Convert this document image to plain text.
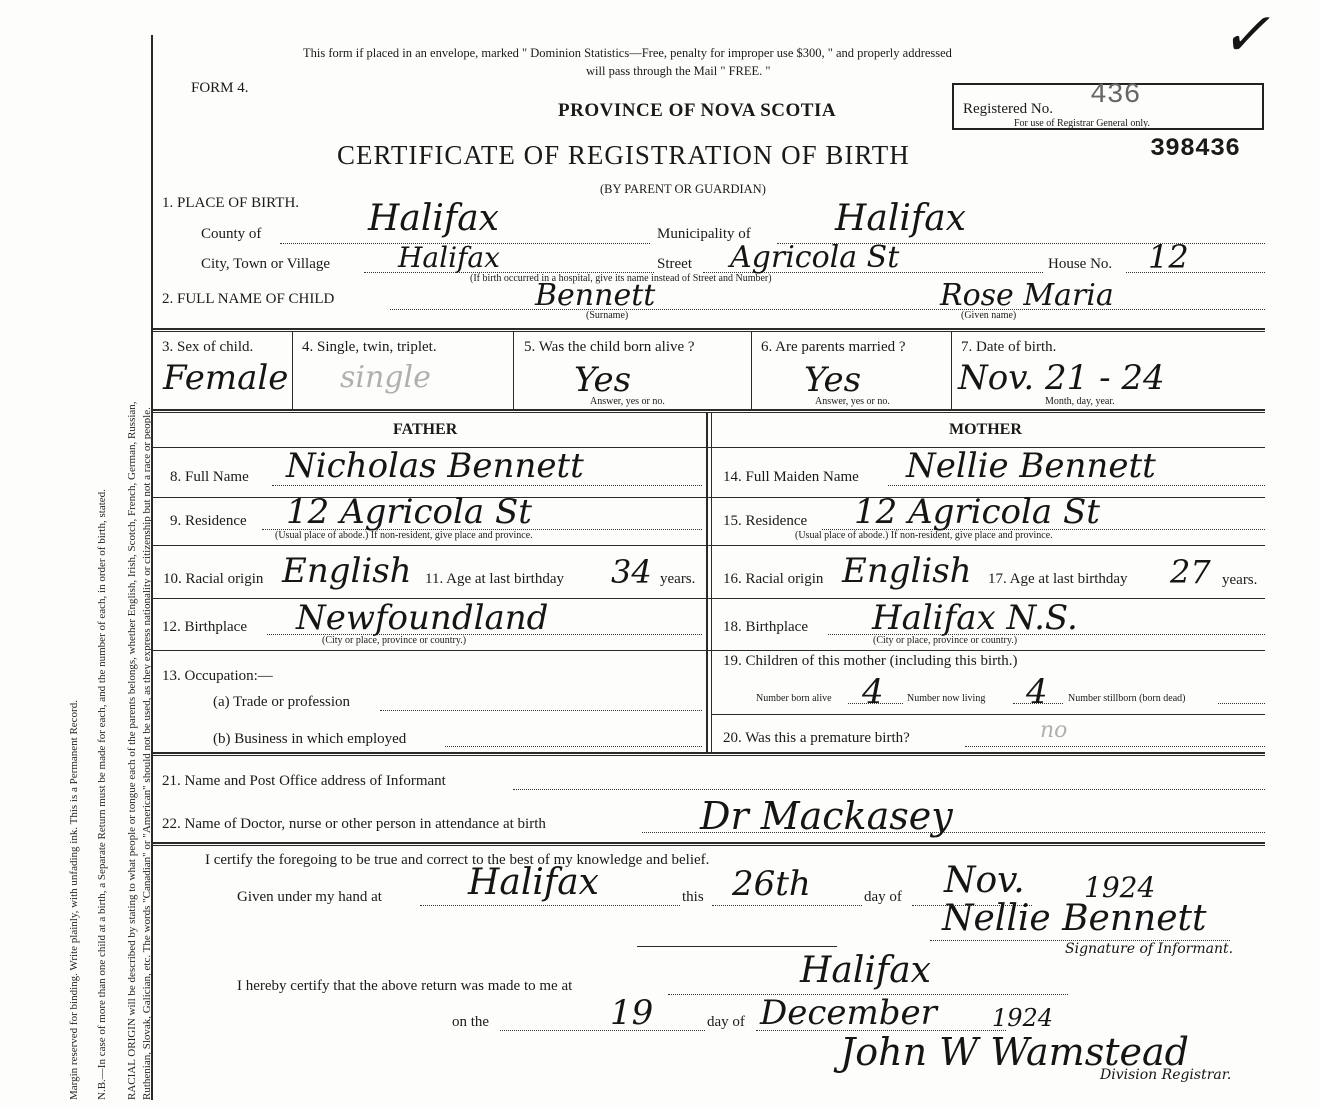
RACIAL ORIGIN will be described by stating to what people or tongue each of the parents belongs, whether English, Irish, Scotch, French, German, Russian, Ruthenian, Slovak, Galician, etc. The words "Canadian" or "American" should not be used, as they express nationality or citizenship but not a race or people.
N.B.—In case of more than one child at a birth, a Separate Return must be made for each, and the number of each, in order of birth, stated.
Margin reserved for binding. Write plainly, with unfading ink. This is a Permanent Record.
This form if placed in an envelope, marked " Dominion Statistics—Free, penalty for improper use $300, " and properly addressed
will pass through the Mail " FREE. "
FORM 4.
PROVINCE OF NOVA SCOTIA
CERTIFICATE OF REGISTRATION OF BIRTH
(BY PARENT OR GUARDIAN)
Registered No. 436
For use of Registrar General only.
398436
✓
1. PLACE OF BIRTH.
County of	Halifax	Municipality of Halifax
City, Town or Village Halifax	Street Agricola St
(If birth occurred in a hospital, give its name instead of Street and Number)
House No. 12
2. FULL NAME OF CHILD	Bennett
(Surname)
Rose Maria
(Given name)
3. Sex of child.
Female
4. Single, twin, triplet.
single
5. Was the child born alive ?
Yes
Answer, yes or no.
6. Are parents married ?
Yes
Answer, yes or no.
7. Date of birth.
Nov. 21 - 24
Month, day, year.
FATHER	MOTHER
8. Full Name Nicholas Bennett
9. Residence 12 Agricola St
(Usual place of abode.) If non-resident, give place and province.
10. Racial origin English 11. Age at last birthday 34 years.
12. Birthplace Newfoundland
(City or place, province or country.)
13. Occupation:—
(a) Trade or profession
(b) Business in which employed
14. Full Maiden Name Nellie Bennett
15. Residence 12 Agricola St
(Usual place of abode.) If non-resident, give place and province.
16. Racial origin English 17. Age at last birthday 27 years.
18. Birthplace Halifax N.S.
(City or place, province or country.)
19. Children of this mother (including this birth.)
Number born alive 4 Number now living 4 Number stillborn (born dead)
20. Was this a premature birth?	no
21. Name and Post Office address of Informant
22. Name of Doctor, nurse or other person in attendance at birth	Dr Mackasey
I certify the foregoing to be true and correct to the best of my knowledge and belief.
Given under my hand at Halifax	this 26th	day of Nov. 1924
Nellie Bennett
Signature of Informant.
I hereby certify that the above return was made to me at	Halifax
on the	19	day of December 1924
John W Wamstead
Division Registrar.
